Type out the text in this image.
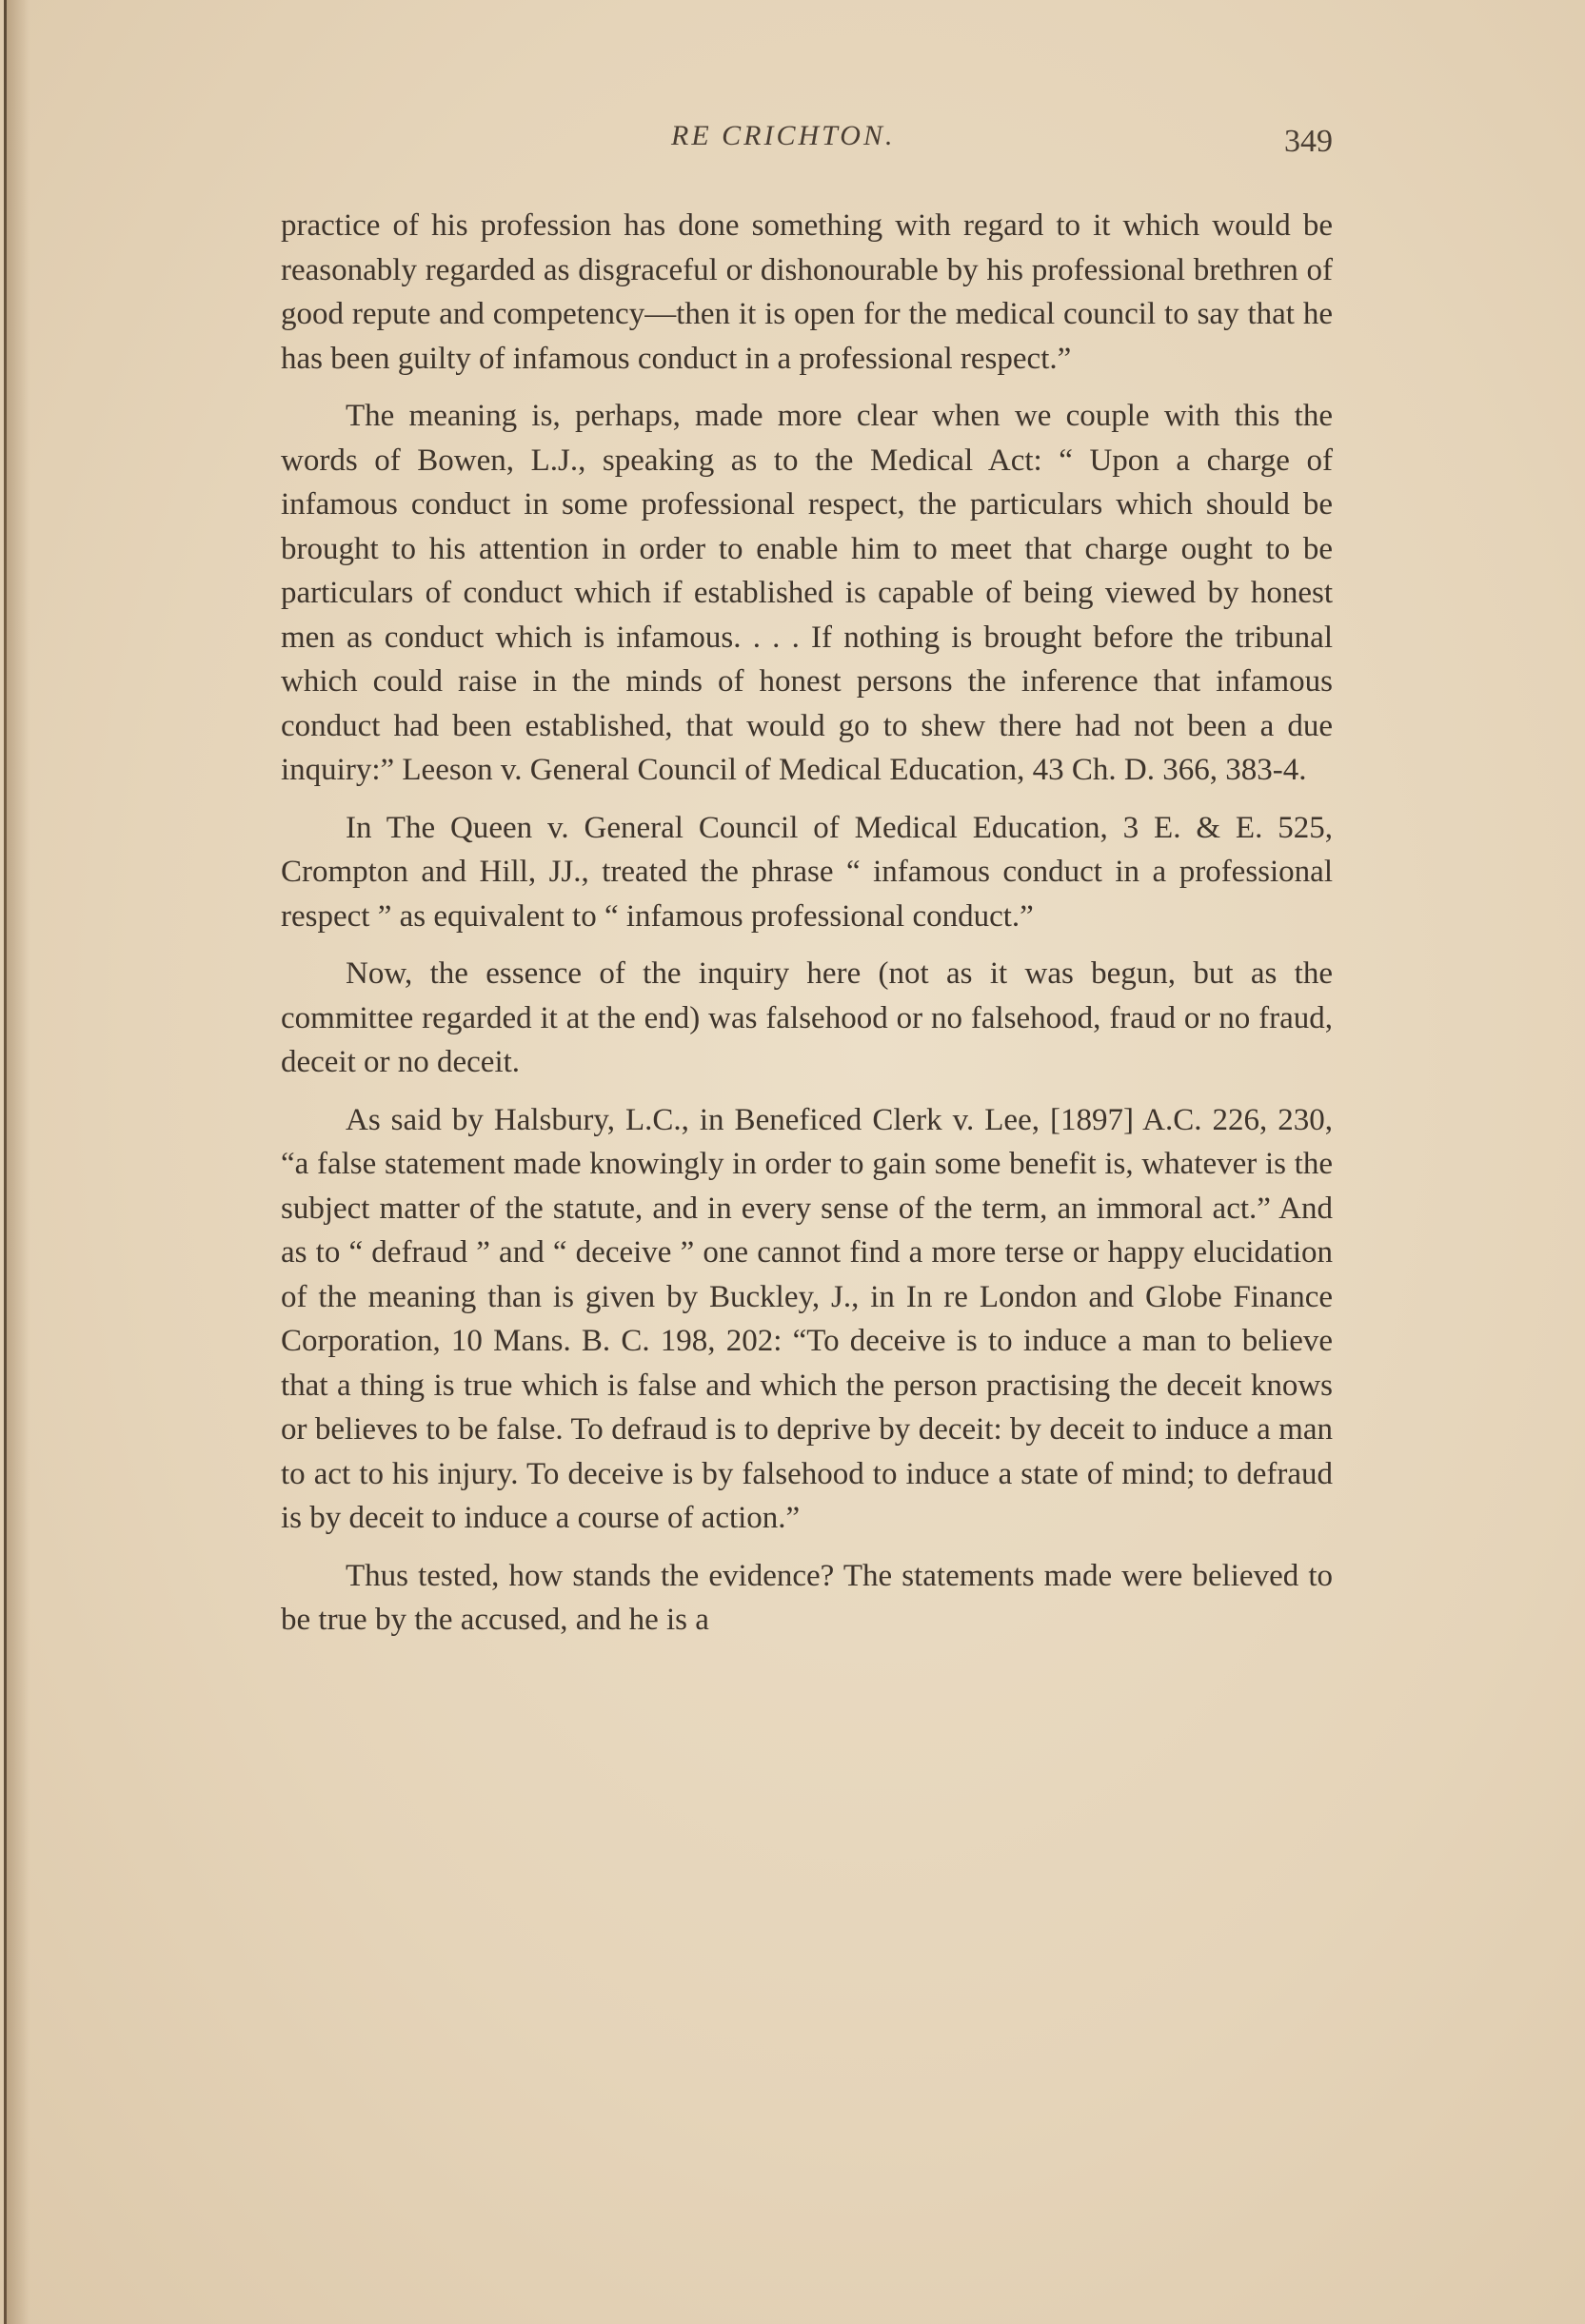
RE CRICHTON.	349

practice of his profession has done something with regard to it which would be reasonably regarded as disgraceful or dishonourable by his professional brethren of good repute and competency—then it is open for the medical council to say that he has been guilty of infamous conduct in a professional respect.”

The meaning is, perhaps, made more clear when we couple with this the words of Bowen, L.J., speaking as to the Medical Act: “ Upon a charge of infamous conduct in some professional respect, the particulars which should be brought to his attention in order to enable him to meet that charge ought to be particulars of conduct which if established is capable of being viewed by honest men as conduct which is infamous. . . . If nothing is brought before the tribunal which could raise in the minds of honest persons the inference that infamous conduct had been established, that would go to shew there had not been a due inquiry:” Leeson v. General Council of Medical Education, 43 Ch. D. 366, 383-4.

In The Queen v. General Council of Medical Education, 3 E. & E. 525, Crompton and Hill, JJ., treated the phrase “ infamous conduct in a professional respect ” as equivalent to “ infamous professional conduct.”

Now, the essence of the inquiry here (not as it was begun, but as the committee regarded it at the end) was falsehood or no falsehood, fraud or no fraud, deceit or no deceit.

As said by Halsbury, L.C., in Beneficed Clerk v. Lee, [1897] A.C. 226, 230, “a false statement made knowingly in order to gain some benefit is, whatever is the subject matter of the statute, and in every sense of the term, an immoral act.” And as to “ defraud ” and “ deceive ” one cannot find a more terse or happy elucidation of the meaning than is given by Buckley, J., in In re London and Globe Finance Corporation, 10 Mans. B. C. 198, 202: “To deceive is to induce a man to believe that a thing is true which is false and which the person practising the deceit knows or believes to be false. To defraud is to deprive by deceit: by deceit to induce a man to act to his injury. To deceive is by falsehood to induce a state of mind; to defraud is by deceit to induce a course of action.”

Thus tested, how stands the evidence? The statements made were believed to be true by the accused, and he is a
